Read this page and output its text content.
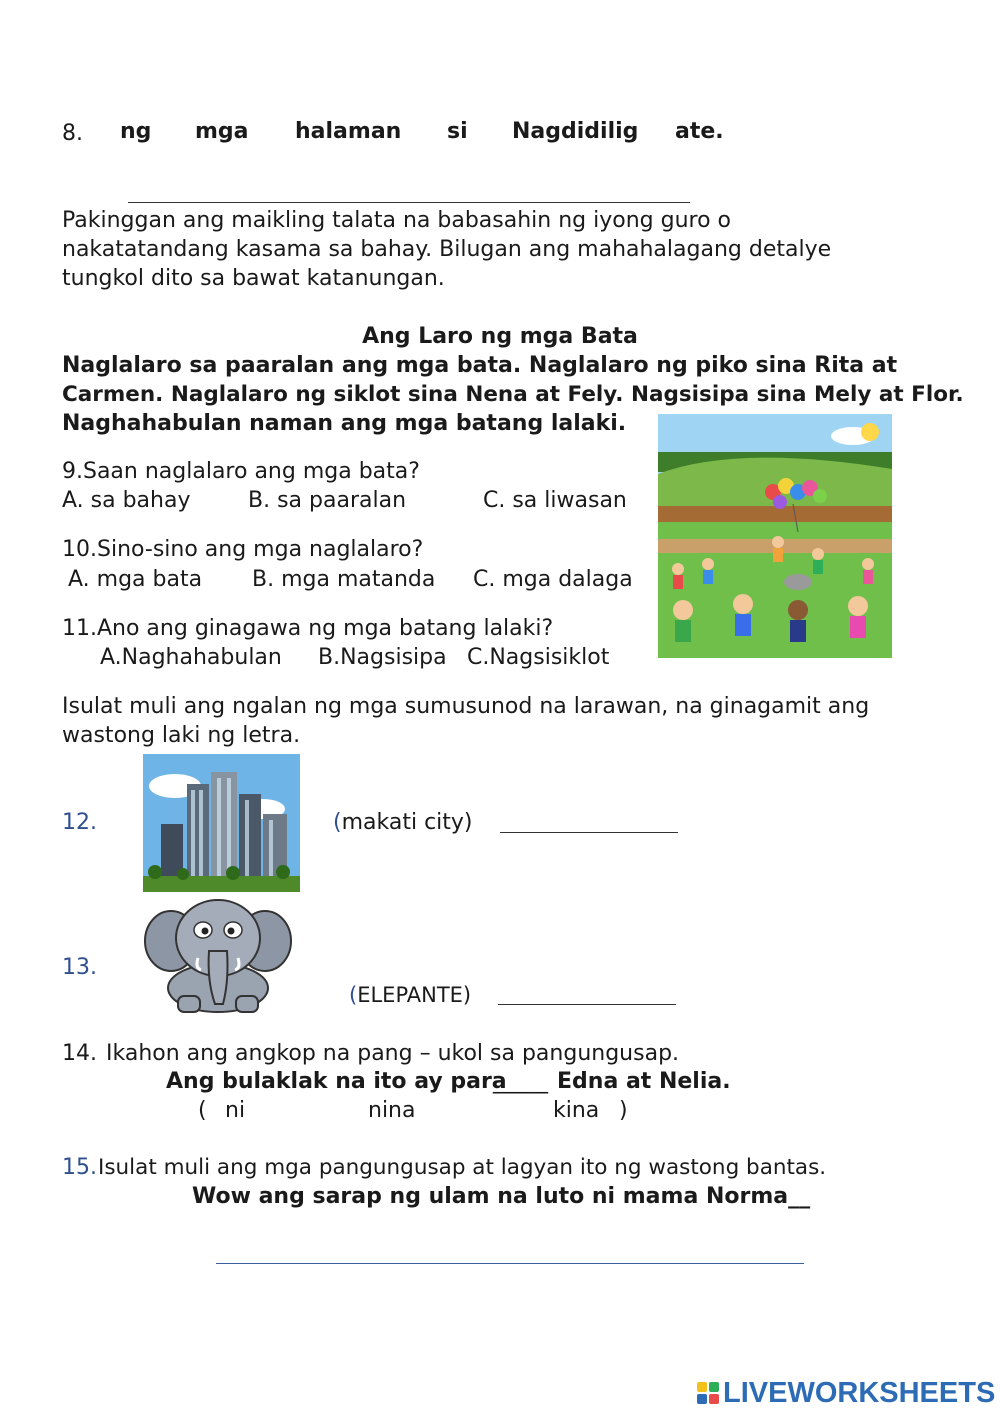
8. ng mga halaman si Nagdidilig ate.
Pakinggan ang maikling talata na babasahin ng iyong guro o
nakatatandang kasama sa bahay. Bilugan ang mahahalagang detalye
tungkol dito sa bawat katanungan.
Ang Laro ng mga Bata
Naglalaro sa paaralan ang mga bata. Naglalaro ng piko sina Rita at
Carmen. Naglalaro ng siklot sina Nena at Fely. Nagsisipa sina Mely at Flor.
Naghahabulan naman ang mga batang lalaki.
9.Saan naglalaro ang mga bata?
A. sa bahay	B. sa paaralan	C. sa liwasan
10.Sino-sino ang mga naglalaro?
A. mga bata B. mga matanda C. mga dalaga
11.Ano ang ginagawa ng mga batang lalaki?
A.Naghahabulan B.Nagsisipa C.Nagsisiklot
Isulat muli ang ngalan ng mga sumusunod na larawan, na ginagamit ang
wastong laki ng letra.
12.	(makati city)
13.
(ELEPANTE)
14. Ikahon ang angkop na pang – ukol sa pangungusap.
Ang bulaklak na ito ay para
_____ Edna at Nelia.
( ni	nina	kina )
15. Isulat muli ang mga pangungusap at lagyan ito ng wastong bantas.
Wow ang sarap ng ulam na luto ni mama Norma__
LIVEWORKSHEETS
